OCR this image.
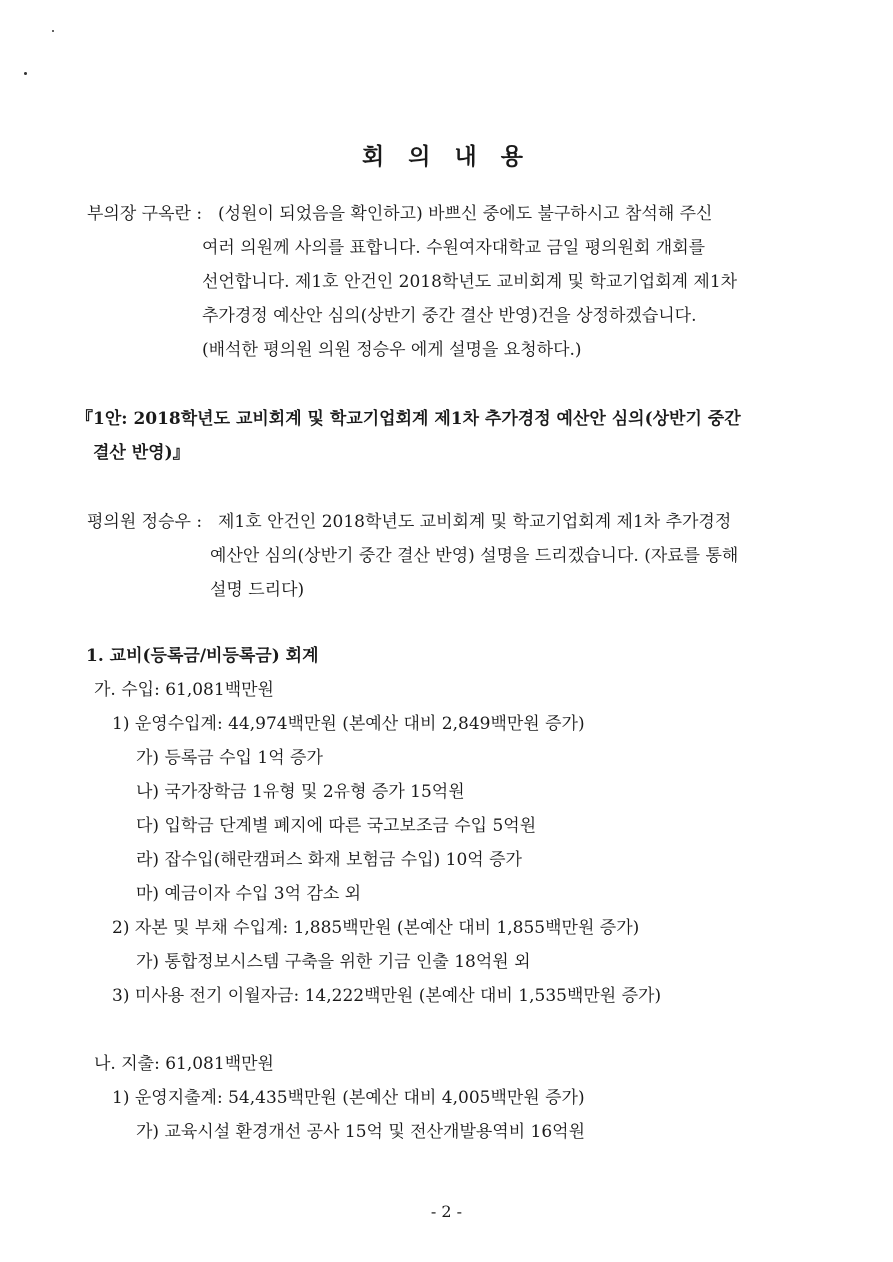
회 의 내 용
부의장 구옥란 : (성원이 되었음을 확인하고) 바쁘신 중에도 불구하시고 참석해 주신
여러 의원께 사의를 표합니다. 수원여자대학교 금일 평의원회 개회를
선언합니다. 제1호 안건인 2018학년도 교비회계 및 학교기업회계 제1차
추가경정 예산안 심의(상반기 중간 결산 반영)건을 상정하겠습니다.
(배석한 평의원 의원 정승우 에게 설명을 요청하다.)
『1안: 2018학년도 교비회계 및 학교기업회계 제1차 추가경정 예산안 심의(상반기 중간
결산 반영)』
평의원 정승우 : 제1호 안건인 2018학년도 교비회계 및 학교기업회계 제1차 추가경정
예산안 심의(상반기 중간 결산 반영) 설명을 드리겠습니다. (자료를 통해
설명 드리다)
1. 교비(등록금/비등록금) 회계
가. 수입: 61,081백만원
1) 운영수입계: 44,974백만원 (본예산 대비 2,849백만원 증가)
가) 등록금 수입 1억 증가
나) 국가장학금 1유형 및 2유형 증가 15억원
다) 입학금 단계별 폐지에 따른 국고보조금 수입 5억원
라) 잡수입(해란캠퍼스 화재 보험금 수입) 10억 증가
마) 예금이자 수입 3억 감소 외
2) 자본 및 부채 수입계: 1,885백만원 (본예산 대비 1,855백만원 증가)
가) 통합정보시스템 구축을 위한 기금 인출 18억원 외
3) 미사용 전기 이월자금: 14,222백만원 (본예산 대비 1,535백만원 증가)
나. 지출: 61,081백만원
1) 운영지출계: 54,435백만원 (본예산 대비 4,005백만원 증가)
가) 교육시설 환경개선 공사 15억 및 전산개발용역비 16억원
- 2 -
